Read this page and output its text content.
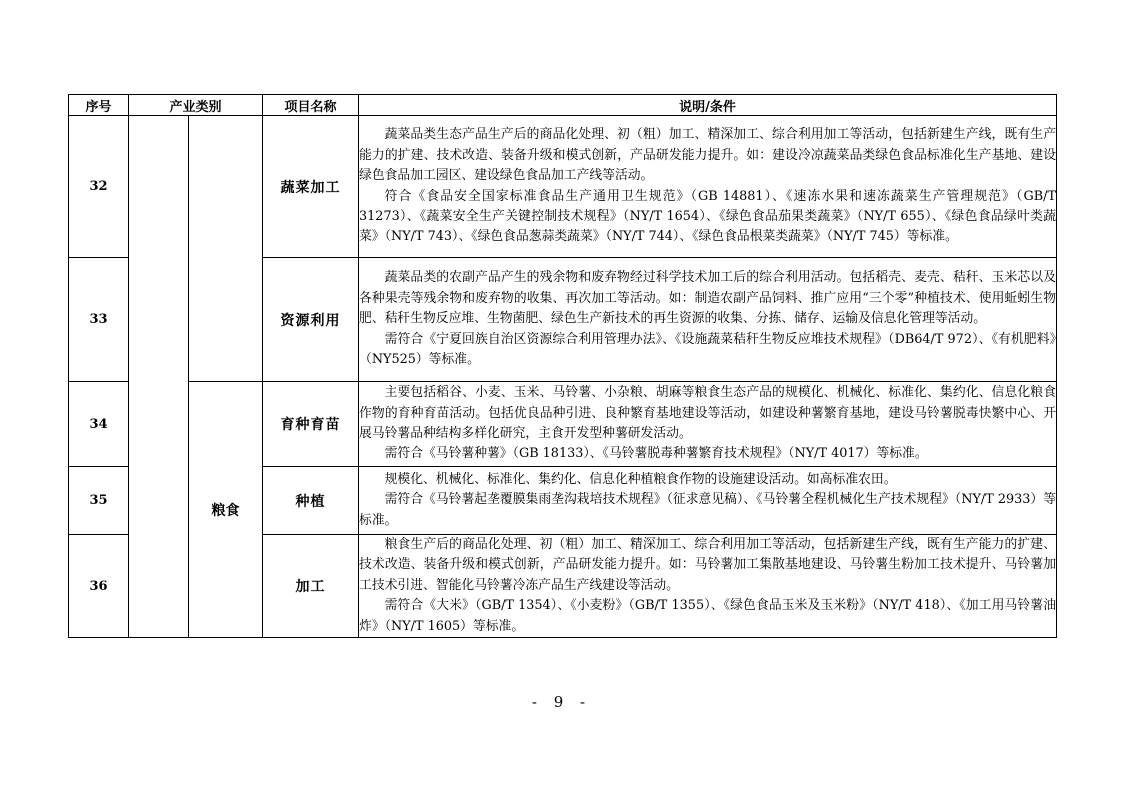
序号	产业类别		项目名称	说明/条件
32			蔬菜加工	蔬菜品类生态产品生产后的商品化处理、初（粗）加工、精深加工、综合利用加工等活动，包括新建生产线，既有生产能力的扩建、技术改造、装备升级和模式创新，产品研发能力提升。如：建设冷凉蔬菜品类绿色食品标准化生产基地、建设绿色食品加工园区、建设绿色食品加工产线等活动。

符合《食品安全国家标准食品生产通用卫生规范》（GB 14881）、《速冻水果和速冻蔬菜生产管理规范》（GB/T 31273）、《蔬菜安全生产关键控制技术规程》（NY/T 1654）、《绿色食品茄果类蔬菜》（NY/T 655）、《绿色食品绿叶类蔬菜》（NY/T 743）、《绿色食品葱蒜类蔬菜》（NY/T 744）、《绿色食品根菜类蔬菜》（NY/T 745）等标准。

33			资源利用	蔬菜品类的农副产品产生的残余物和废弃物经过科学技术加工后的综合利用活动。包括稻壳、麦壳、秸秆、玉米芯以及各种果壳等残余物和废弃物的收集、再次加工等活动。如：制造农副产品饲料、推广应用“三个零”种植技术、使用蚯蚓生物肥、秸秆生物反应堆、生物菌肥、绿色生产新技术的再生资源的收集、分拣、储存、运输及信息化管理等活动。

需符合《宁夏回族自治区资源综合利用管理办法》、《设施蔬菜秸秆生物反应堆技术规程》（DB64/T 972）、《有机肥料》（NY525）等标准。

34		粮食	育种育苗	主要包括稻谷、小麦、玉米、马铃薯、小杂粮、胡麻等粮食生态产品的规模化、机械化、标准化、集约化、信息化粮食作物的育种育苗活动。包括优良品种引进、良种繁育基地建设等活动，如建设种薯繁育基地，建设马铃薯脱毒快繁中心、开展马铃薯品种结构多样化研究，主食开发型种薯研发活动。

需符合《马铃薯种薯》（GB 18133）、《马铃薯脱毒种薯繁育技术规程》（NY/T 4017）等标准。

35			种植	规模化、机械化、标准化、集约化、信息化种植粮食作物的设施建设活动。如高标准农田。

需符合《马铃薯起垄覆膜集雨垄沟栽培技术规程》（征求意见稿）、《马铃薯全程机械化生产技术规程》（NY/T 2933）等标准。

36			加工	粮食生产后的商品化处理、初（粗）加工、精深加工、综合利用加工等活动，包括新建生产线，既有生产能力的扩建、技术改造、装备升级和模式创新，产品研发能力提升。如：马铃薯加工集散基地建设、马铃薯生粉加工技术提升、马铃薯加工技术引进、智能化马铃薯冷冻产品生产线建设等活动。

需符合《大米》（GB/T 1354）、《小麦粉》（GB/T 1355）、《绿色食品玉米及玉米粉》（NY/T 418）、《加工用马铃薯油炸》（NY/T 1605）等标准。

- 9 -
